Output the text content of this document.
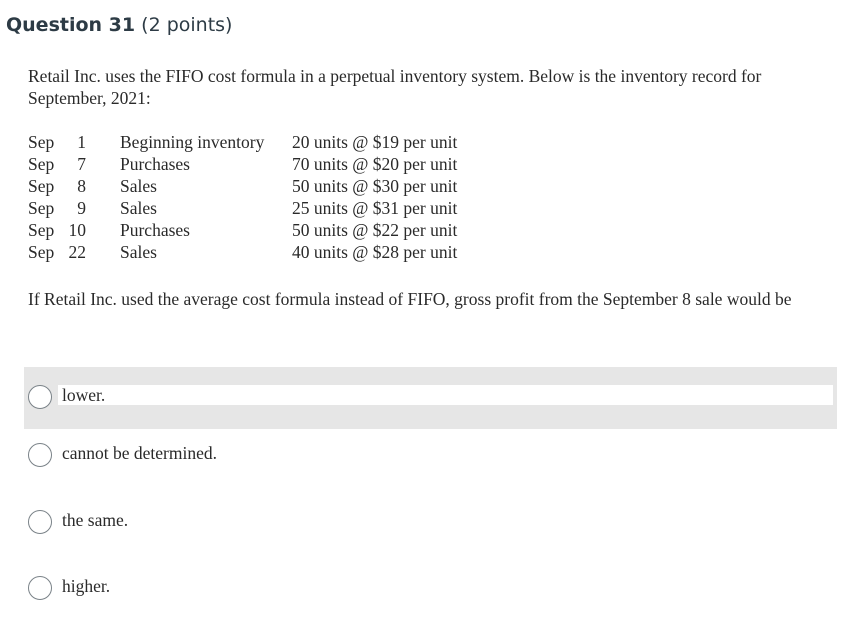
Question 31 (2 points)
Retail Inc. uses the FIFO cost formula in a perpetual inventory system. Below is the inventory record for September, 2021:
Sep	1 Beginning inventory 20 units @ $19 per unit
Sep	7 Purchases	70 units @ $20 per unit
Sep	8 Sales	50 units @ $30 per unit
Sep	9 Sales	25 units @ $31 per unit
Sep 10 Purchases	50 units @ $22 per unit
Sep 22 Sales	40 units @ $28 per unit
If Retail Inc. used the average cost formula instead of FIFO, gross profit from the September 8 sale would be
lower.
cannot be determined.
the same.
higher.
